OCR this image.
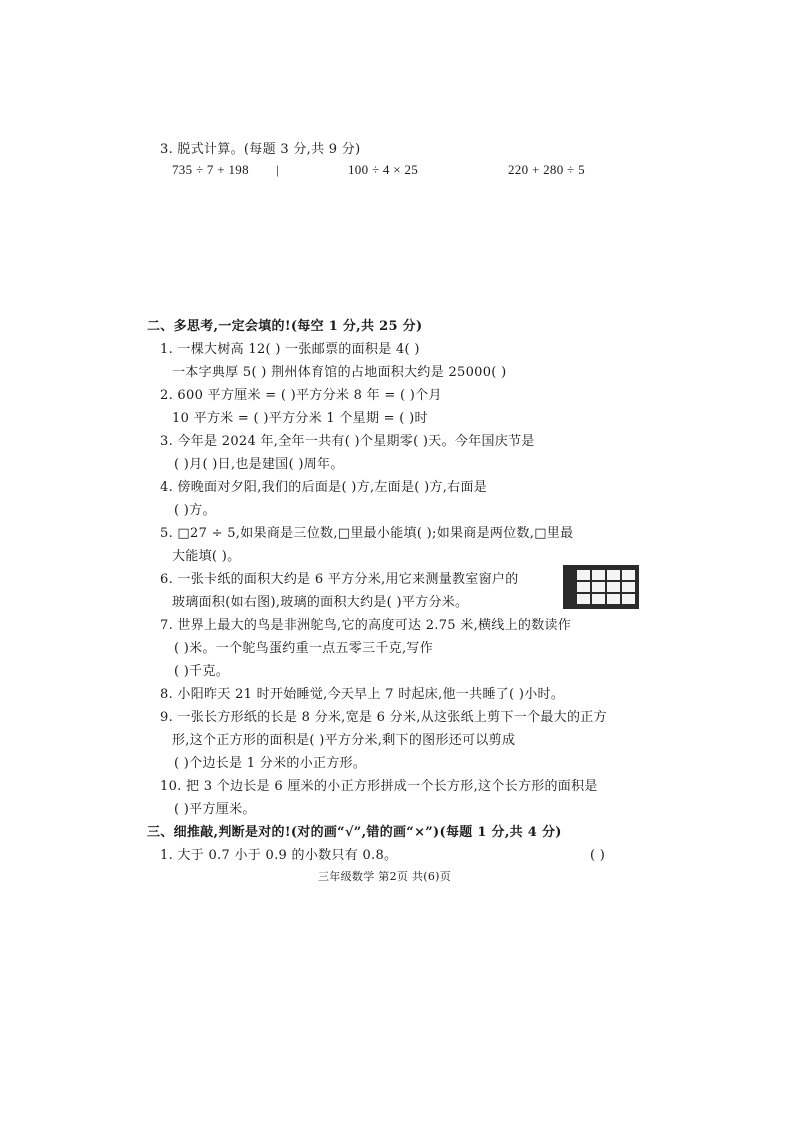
3. 脱式计算。(每题 3 分,共 9 分)
735 ÷ 7 + 198 |	100 ÷ 4 × 25	220 + 280 ÷ 5
二、多思考,一定会填的!(每空 1 分,共 25 分)
1. 一棵大树高 12( ) 一张邮票的面积是 4( )
一本字典厚 5( ) 荆州体育馆的占地面积大约是 25000( )
2. 600 平方厘米 = ( )平方分米 8 年 = ( )个月
10 平方米 = ( )平方分米 1 个星期 = ( )时
3. 今年是 2024 年,全年一共有( )个星期零( )天。今年国庆节是
( )月( )日,也是建国( )周年。
4. 傍晚面对夕阳,我们的后面是( )方,左面是( )方,右面是
( )方。
5. □27 ÷ 5,如果商是三位数,□里最小能填( );如果商是两位数,□里最
大能填( )。
6. 一张卡纸的面积大约是 6 平方分米,用它来测量教室窗户的
玻璃面积(如右图),玻璃的面积大约是( )平方分米。
7. 世界上最大的鸟是非洲鸵鸟,它的高度可达 2.75 米,横线上的数读作
( )米。一个鸵鸟蛋约重一点五零三千克,写作
( )千克。
8. 小阳昨天 21 时开始睡觉,今天早上 7 时起床,他一共睡了( )小时。
9. 一张长方形纸的长是 8 分米,宽是 6 分米,从这张纸上剪下一个最大的正方
形,这个正方形的面积是( )平方分米,剩下的图形还可以剪成
( )个边长是 1 分米的小正方形。
10. 把 3 个边长是 6 厘米的小正方形拼成一个长方形,这个长方形的面积是
( )平方厘米。
三、细推敲,判断是对的!(对的画“√”,错的画“×”)(每题 1 分,共 4 分)
1. 大于 0.7 小于 0.9 的小数只有 0.8。	( )
三年级数学 第2页 共(6)页
